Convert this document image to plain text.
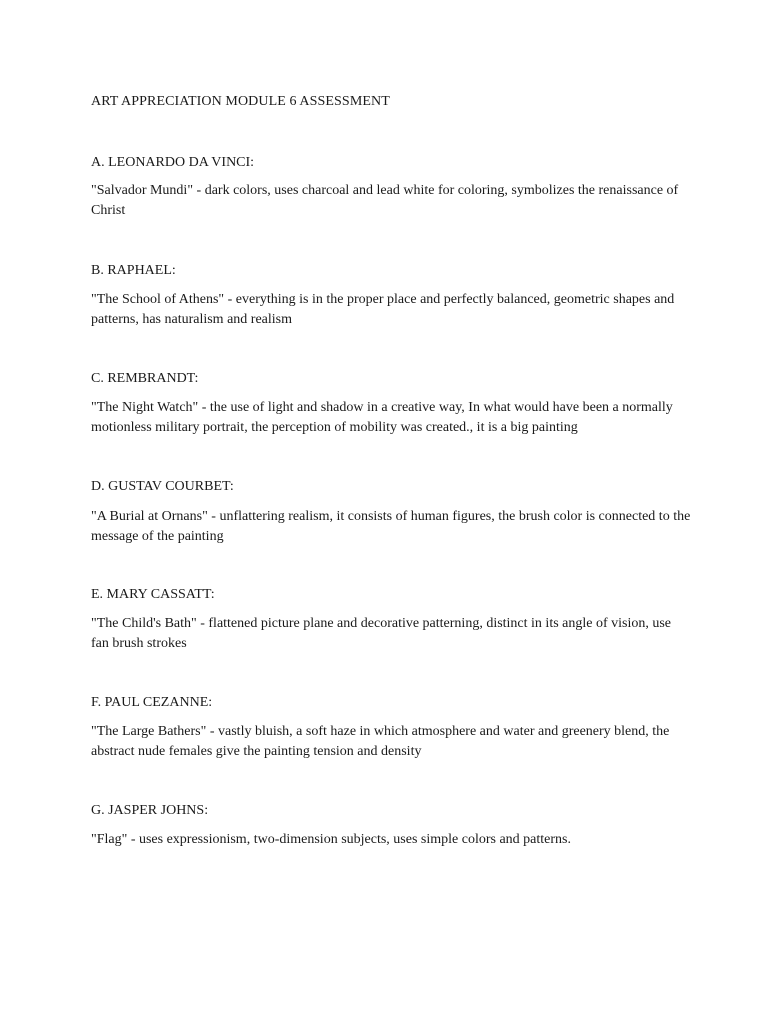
ART APPRECIATION MODULE 6 ASSESSMENT
A. LEONARDO DA VINCI:
"Salvador Mundi" - dark colors, uses charcoal and lead white for coloring, symbolizes the renaissance of Christ
B. RAPHAEL:
"The School of Athens" - everything is in the proper place and perfectly balanced, geometric shapes and patterns, has naturalism and realism
C. REMBRANDT:
"The Night Watch" - the use of light and shadow in a creative way, In what would have been a normally motionless military portrait, the perception of mobility was created., it is a big painting
D. GUSTAV COURBET:
"A Burial at Ornans" - unflattering realism, it consists of human figures, the brush color is connected to the message of the painting
E. MARY CASSATT:
"The Child's Bath" - flattened picture plane and decorative patterning, distinct in its angle of vision, use fan brush strokes
F. PAUL CEZANNE:
"The Large Bathers" - vastly bluish, a soft haze in which atmosphere and water and greenery blend, the abstract nude females give the painting tension and density
G. JASPER JOHNS:
"Flag" - uses expressionism, two-dimension subjects, uses simple colors and patterns.
